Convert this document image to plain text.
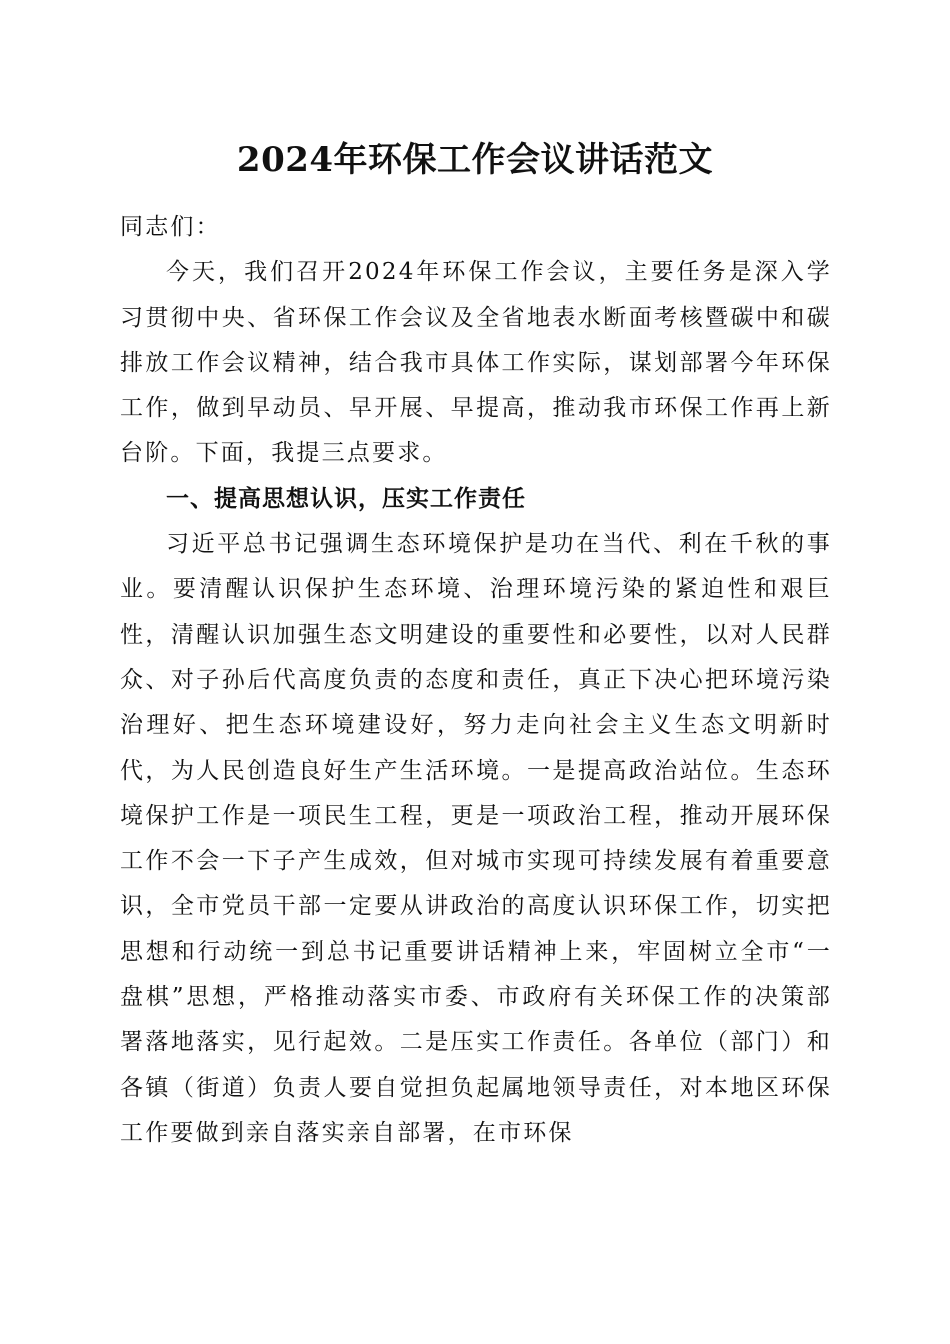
2024年环保工作会议讲话范文

同志们：

今天，我们召开2024年环保工作会议，主要任务是深入学习贯彻中央、省环保工作会议及全省地表水断面考核暨碳中和碳排放工作会议精神，结合我市具体工作实际，谋划部署今年环保工作，做到早动员、早开展、早提高，推动我市环保工作再上新台阶。下面，我提三点要求。

一、提高思想认识，压实工作责任

习近平总书记强调生态环境保护是功在当代、利在千秋的事业。要清醒认识保护生态环境、治理环境污染的紧迫性和艰巨性，清醒认识加强生态文明建设的重要性和必要性，以对人民群众、对子孙后代高度负责的态度和责任，真正下决心把环境污染治理好、把生态环境建设好，努力走向社会主义生态文明新时代，为人民创造良好生产生活环境。一是提高政治站位。生态环境保护工作是一项民生工程，更是一项政治工程，推动开展环保工作不会一下子产生成效，但对城市实现可持续发展有着重要意识，全市党员干部一定要从讲政治的高度认识环保工作，切实把思想和行动统一到总书记重要讲话精神上来，牢固树立全市“一盘棋”思想，严格推动落实市委、市政府有关环保工作的决策部署落地落实，见行起效。二是压实工作责任。各单位（部门）和各镇（街道）负责人要自觉担负起属地领导责任，对本地区环保工作要做到亲自落实亲自部署，在市环保
